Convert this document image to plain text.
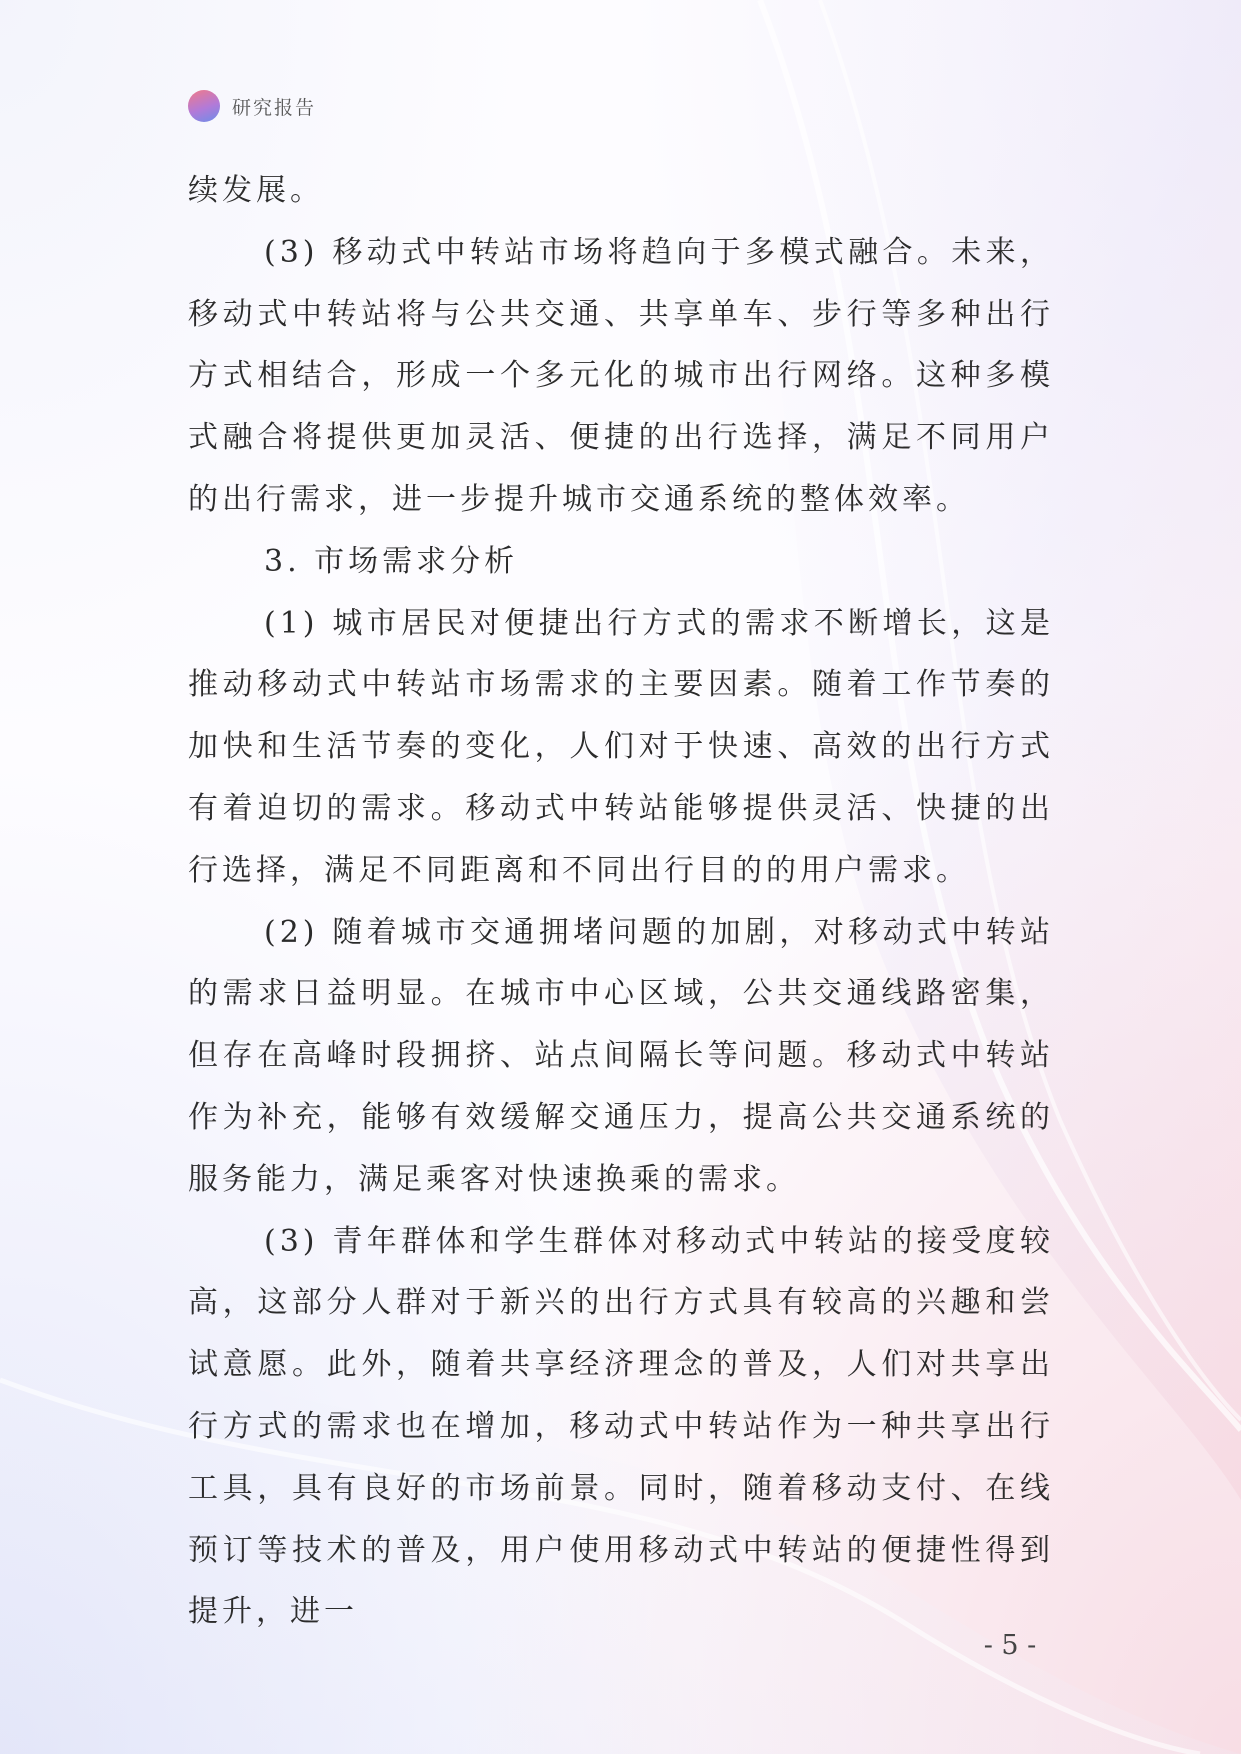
研究报告

续发展。

(3) 移动式中转站市场将趋向于多模式融合。未来，移动式中转站将与公共交通、共享单车、步行等多种出行方式相结合，形成一个多元化的城市出行网络。这种多模式融合将提供更加灵活、便捷的出行选择，满足不同用户的出行需求，进一步提升城市交通系统的整体效率。

3. 市场需求分析

(1) 城市居民对便捷出行方式的需求不断增长，这是推动移动式中转站市场需求的主要因素。随着工作节奏的加快和生活节奏的变化，人们对于快速、高效的出行方式有着迫切的需求。移动式中转站能够提供灵活、快捷的出行选择，满足不同距离和不同出行目的的用户需求。

(2) 随着城市交通拥堵问题的加剧，对移动式中转站的需求日益明显。在城市中心区域，公共交通线路密集，但存在高峰时段拥挤、站点间隔长等问题。移动式中转站作为补充，能够有效缓解交通压力，提高公共交通系统的服务能力，满足乘客对快速换乘的需求。

(3) 青年群体和学生群体对移动式中转站的接受度较高，这部分人群对于新兴的出行方式具有较高的兴趣和尝试意愿。此外，随着共享经济理念的普及，人们对共享出行方式的需求也在增加，移动式中转站作为一种共享出行工具，具有良好的市场前景。同时，随着移动支付、在线预订等技术的普及，用户使用移动式中转站的便捷性得到提升，进一

- 5 -
